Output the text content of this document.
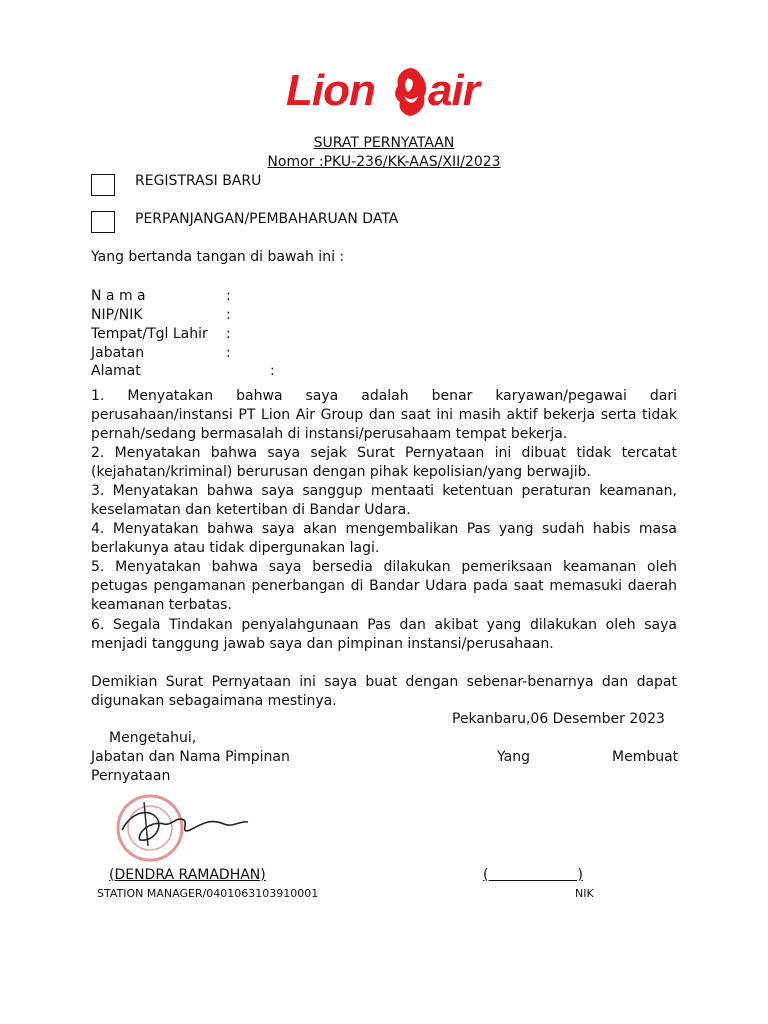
Lion air
SURAT PERNYATAAN
Nomor :PKU-236/KK-AAS/XII/2023
REGISTRASI BARU
PERPANJANGAN/PEMBAHARUAN DATA
Yang bertanda tangan di bawah ini :
N a m a	:
NIP/NIK	:
Tempat/Tgl Lahir :
Jabatan	:
Alamat	:
1. Menyatakan bahwa saya adalah benar karyawan/pegawai dari perusahaan/instansi PT Lion Air Group dan saat ini masih aktif bekerja serta tidak pernah/sedang bermasalah di instansi/perusahaam tempat bekerja.
2. Menyatakan bahwa saya sejak Surat Pernyataan ini dibuat tidak tercatat (kejahatan/kriminal) berurusan dengan pihak kepolisian/yang berwajib.
3. Menyatakan bahwa saya sanggup mentaati ketentuan peraturan keamanan, keselamatan dan ketertiban di Bandar Udara.
4. Menyatakan bahwa saya akan mengembalikan Pas yang sudah habis masa berlakunya atau tidak dipergunakan lagi.
5. Menyatakan bahwa saya bersedia dilakukan pemeriksaan keamanan oleh petugas pengamanan penerbangan di Bandar Udara pada saat memasuki daerah keamanan terbatas.
6. Segala Tindakan penyalahgunaan Pas dan akibat yang dilakukan oleh saya menjadi tanggung jawab saya dan pimpinan instansi/perusahaan.
Demikian Surat Pernyataan ini saya buat dengan sebenar-benarnya dan dapat digunakan sebagaimana mestinya.
Pekanbaru,06 Desember 2023
Mengetahui,
Jabatan dan Nama Pimpinan	Yang	Membuat
Pernyataan
(DENDRA RAMADHAN)	(                    )
STATION MANAGER/0401063103910001	NIK
